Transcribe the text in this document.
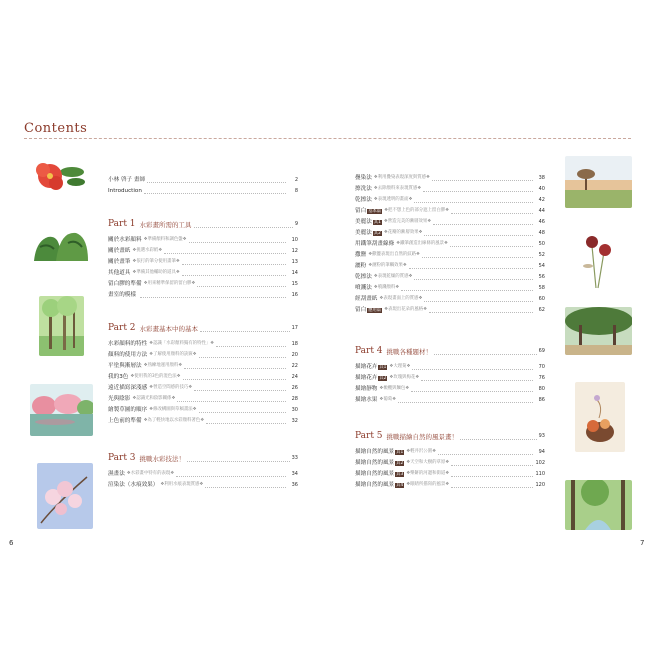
Contents
小林 啓子 畫師	2
Introduction	8
Part 1 水彩畫所需的工具	9
關於水彩顏料 ❖準備顏料和調色盤❖	10
關於畫紙 ❖挑選水彩紙❖	12
關於畫筆 ❖依打的筆分使用畫筆❖	13
其他道具 ❖準備其他輔助的道具❖	14
留白膠的準備 ❖用來精準保留的留白膠❖	15
畫室的模樣	16
Part 2 水彩畫基本中的基本	17
水彩顏料的特性 ❖認識「水彩顏料獨有的特性」❖	18
顏料的使用方法 ❖了解使用顏料的訣竅❖	20
平塗與漸層法 ❖熟練地運用顏料❖	22
我的3色 ❖使用我的3色的混色法❖	24
遠近描寫深淺感 ❖營造空間感的技巧❖	26
光與陰影 ❖認識光和陰影關係❖	28
繪製草圖的順序 ❖修改構圖與草稿畫法❖	30
上色前的準備 ❖為了輕快地以水彩顏料著色❖	32
Part 3 挑戰水彩技法！	33
濕畫法 ❖水彩畫中特有的表現❖	34
渲染法（水痕效果） ❖利用水痕表現質感❖	36
疊染法 ❖利用疊染表現深度與質感❖	38
擦洗法 ❖去除顏料來表現質感❖	40
乾擦法 ❖表現透明的畫面❖	42
留白 基本篇 ❖把不想上色的部分遮上留白膠❖	44
美麗法 其1 ❖營造完美的漸層效果❖	46
美麗法 其2 ❖花瓣的漸層效果❖	48
用鐵筆刮畫線條 ❖鐵筆創造出線條的風景❖	50
撒鹽 ❖撒鹽表現出自然的紋路❖	52
灑粉 ❖灑粉的筆觸效果❖	54
乾擦法 ❖表現乾燥的質感❖	56
噴濺法 ❖噴濺顏料❖	58
經刮畫紙 ❖表現畫面上的質感❖	60
留白 應用篇 ❖表現出花朵的風格❖	62
Part 4 挑戰各種題材！	69
描繪花卉 其1 ❖大理菊❖	70
描繪花卉 其2 ❖玫瑰與梅花❖	76
描繪靜物 ❖橄欖與麵包❖	80
描繪水果 ❖葡萄❖	86
Part 5 挑戰描繪自然的風景畫！	93
描繪自然的風景 其1 ❖輕井沢公園❖	94
描繪自然的風景 其2 ❖天空和大樹的草原❖	102
描繪自然的風景 其3 ❖樂餅的河邊和街道❖	110
描繪自然的風景 其4 ❖眼睛所描寫的風景❖	120
6	7
